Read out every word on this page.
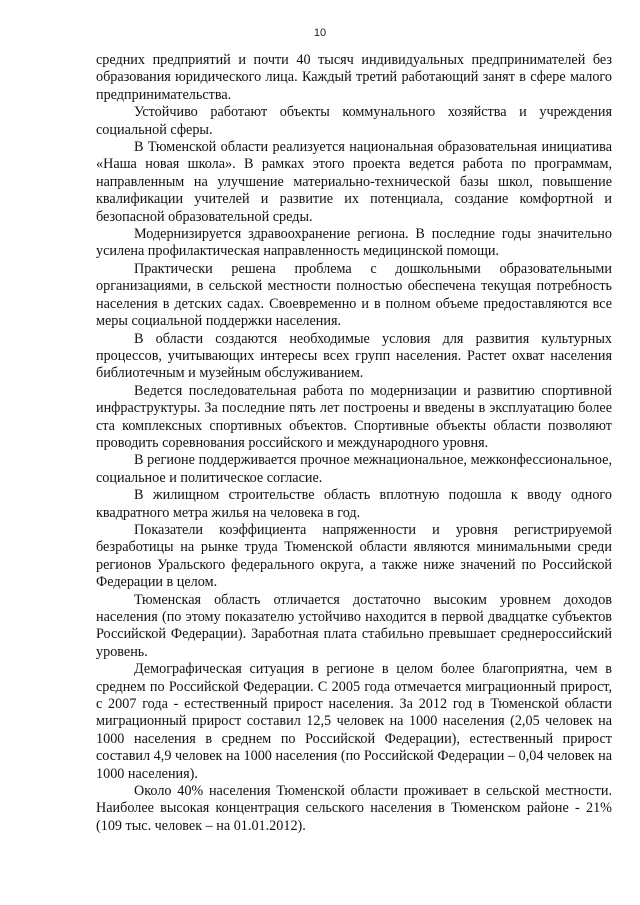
10

средних предприятий и почти 40 тысяч индивидуальных предпринимателей без образования юридического лица. Каждый третий работающий занят в сфере малого предпринимательства.

Устойчиво работают объекты коммунального хозяйства и учреждения социальной сферы.

В Тюменской области реализуется национальная образовательная инициатива «Наша новая школа». В рамках этого проекта ведется работа по программам, направленным на улучшение материально-технической базы школ, повышение квалификации учителей и развитие их потенциала, создание комфортной и безопасной образовательной среды.

Модернизируется здравоохранение региона. В последние годы значительно усилена профилактическая направленность медицинской помощи.

Практически решена проблема с дошкольными образовательными организациями, в сельской местности полностью обеспечена текущая потребность населения в детских садах. Своевременно и в полном объеме предоставляются все меры социальной поддержки населения.

В области создаются необходимые условия для развития культурных процессов, учитывающих интересы всех групп населения. Растет охват населения библиотечным и музейным обслуживанием.

Ведется последовательная работа по модернизации и развитию спортивной инфраструктуры. За последние пять лет построены и введены в эксплуатацию более ста комплексных спортивных объектов. Спортивные объекты области позволяют проводить соревнования российского и международного уровня.

В регионе поддерживается прочное межнациональное, межконфессиональное, социальное и политическое согласие.

В жилищном строительстве область вплотную подошла к вводу одного квадратного метра жилья на человека в год.

Показатели коэффициента напряженности и уровня регистрируемой безработицы на рынке труда Тюменской области являются минимальными среди регионов Уральского федерального округа, а также ниже значений по Российской Федерации в целом.

Тюменская область отличается достаточно высоким уровнем доходов населения (по этому показателю устойчиво находится в первой двадцатке субъектов Российской Федерации). Заработная плата стабильно превышает среднероссийский уровень.

Демографическая ситуация в регионе в целом более благоприятна, чем в среднем по Российской Федерации. С 2005 года отмечается миграционный прирост, с 2007 года - естественный прирост населения. За 2012 год в Тюменской области миграционный прирост составил 12,5 человек на 1000 населения (2,05 человек на 1000 населения в среднем по Российской Федерации), естественный прирост составил 4,9 человек на 1000 населения (по Российской Федерации – 0,04 человек на 1000 населения).

Около 40% населения Тюменской области проживает в сельской местности. Наиболее высокая концентрация сельского населения в Тюменском районе - 21% (109 тыс. человек – на 01.01.2012).
